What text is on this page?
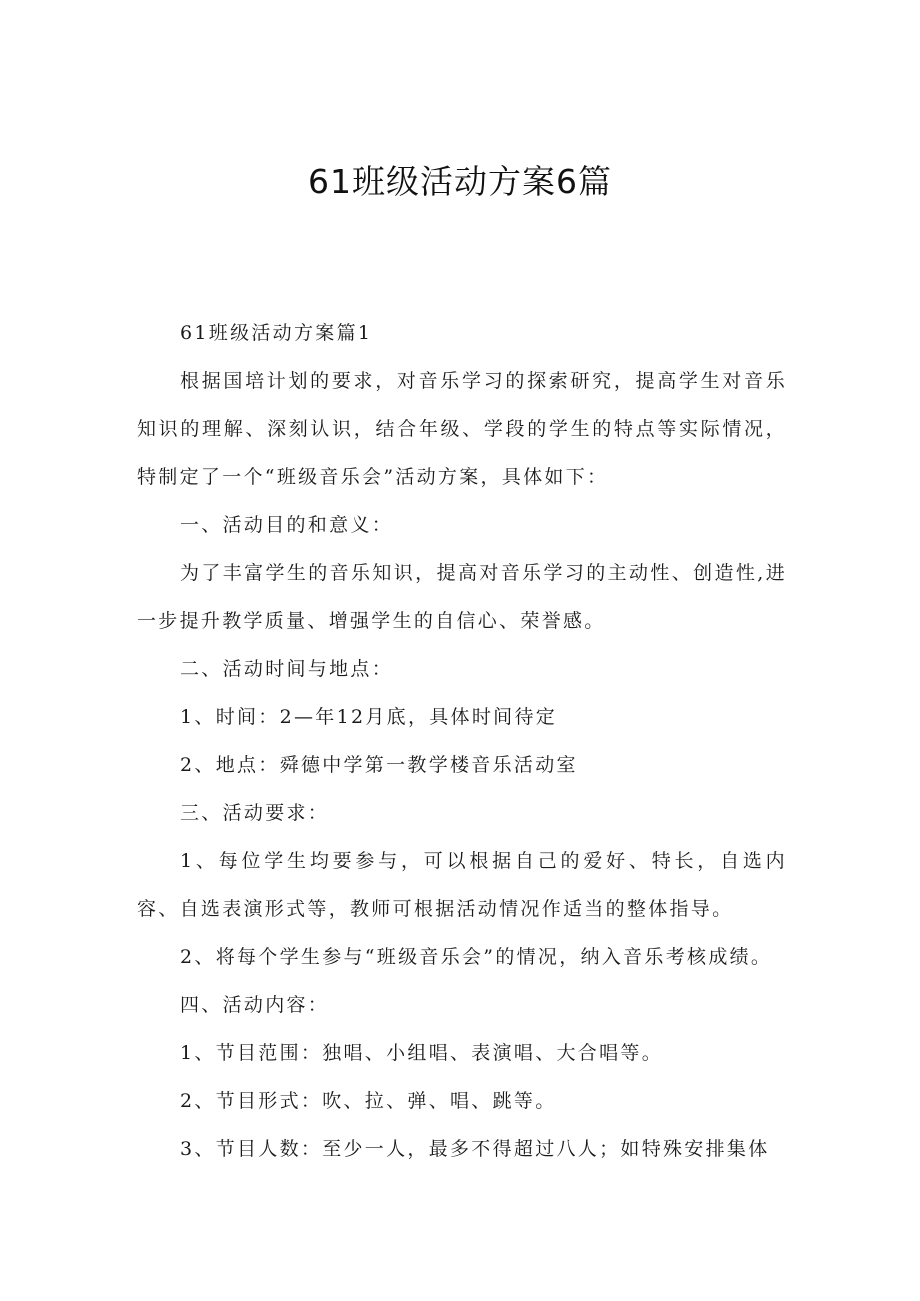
61班级活动方案6篇

61班级活动方案篇1

根据国培计划的要求，对音乐学习的探索研究，提高学生对音乐知识的理解、深刻认识，结合年级、学段的学生的特点等实际情况，特制定了一个“班级音乐会”活动方案，具体如下：

一、活动目的和意义：

为了丰富学生的音乐知识，提高对音乐学习的主动性、创造性,进一步提升教学质量、增强学生的自信心、荣誉感。

二、活动时间与地点：

1、时间：2—年12月底，具体时间待定

2、地点：舜德中学第一教学楼音乐活动室

三、活动要求：

1、每位学生均要参与，可以根据自己的爱好、特长，自选内容、自选表演形式等，教师可根据活动情况作适当的整体指导。

2、将每个学生参与“班级音乐会”的情况，纳入音乐考核成绩。

四、活动内容：

1、节目范围：独唱、小组唱、表演唱、大合唱等。

2、节目形式：吹、拉、弹、唱、跳等。

3、节目人数：至少一人，最多不得超过八人；如特殊安排集体
